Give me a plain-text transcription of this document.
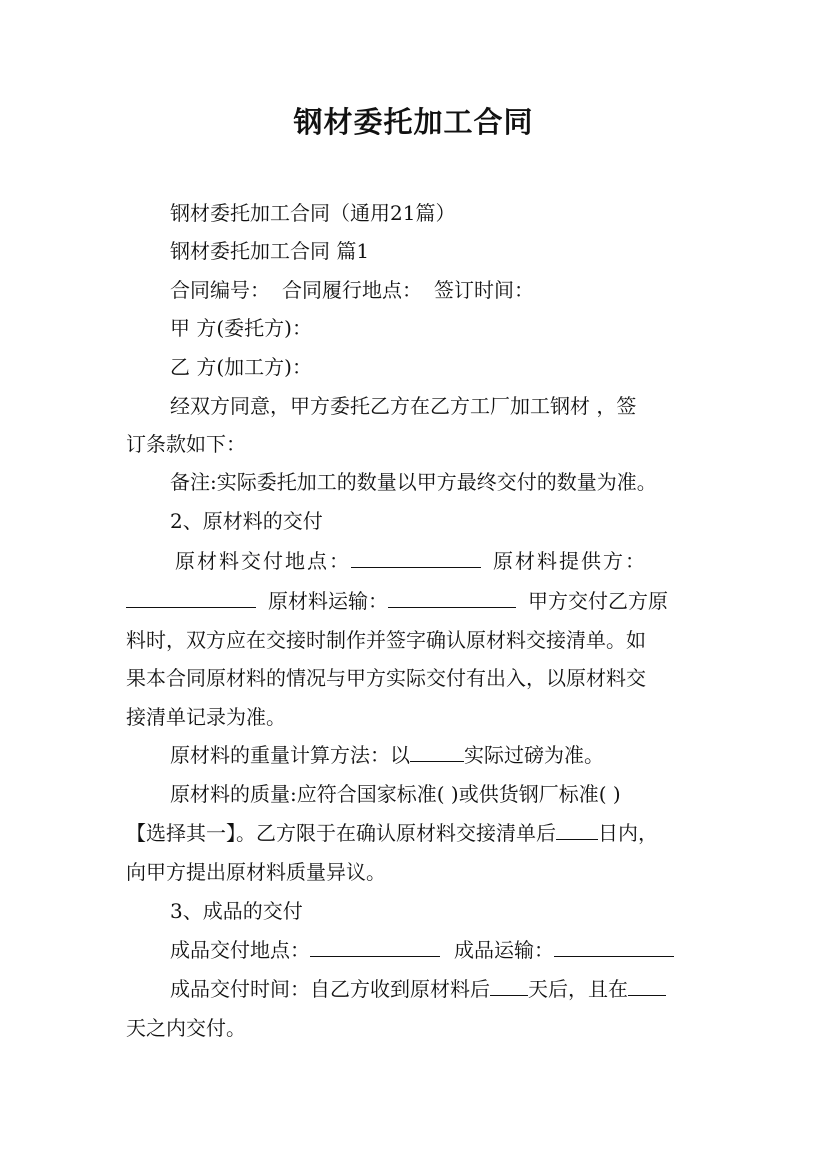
钢材委托加工合同
钢材委托加工合同（通用21篇）
钢材委托加工合同 篇1
合同编号： 合同履行地点： 签订时间：
甲 方(委托方)：
乙 方(加工方)：
经双方同意，甲方委托乙方在乙方工厂加工钢材 ，签
订条款如下：
备注:实际委托加工的数量以甲方最终交付的数量为准。
2、原材料的交付
原材料交付地点：	原材料提供方：
原材料运输：	甲方交付乙方原
料时，双方应在交接时制作并签字确认原材料交接清单。如
果本合同原材料的情况与甲方实际交付有出入，以原材料交
接清单记录为准。
原材料的重量计算方法：以	实际过磅为准。
原材料的质量:应符合国家标准( )或供货钢厂标准( )
【选择其一】。乙方限于在确认原材料交接清单后 日内，
向甲方提出原材料质量异议。
3、成品的交付
成品交付地点：	成品运输：
成品交付时间：自乙方收到原材料后 天后，且在
天之内交付。
